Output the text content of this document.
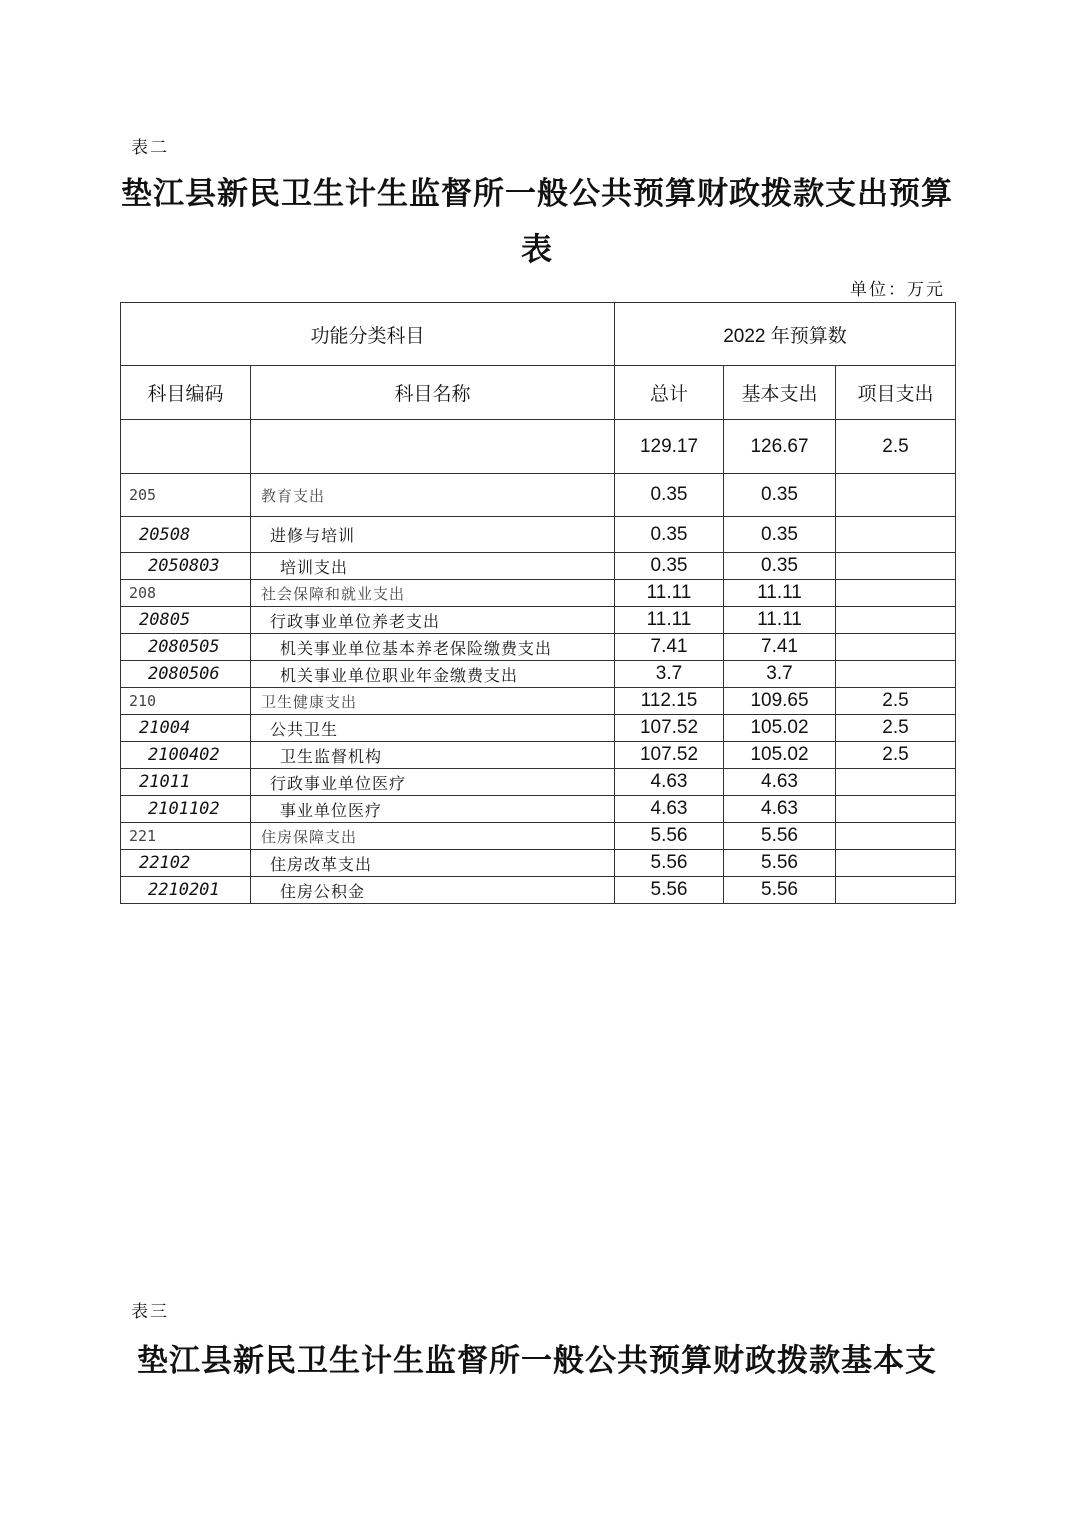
表二
垫江县新民卫生计生监督所一般公共预算财政拨款支出预算
表
单位：万元
功能分类科目		2022 年预算数		
科目编码	科目名称	总计	基本支出	项目支出
		129.17	126.67	2.5
205	教育支出	0.35	0.35	
20508	进修与培训	0.35	0.35	
2050803	培训支出	0.35	0.35	
208	社会保障和就业支出	11.11	11.11	
20805	行政事业单位养老支出	11.11	11.11	
2080505	机关事业单位基本养老保险缴费支出	7.41	7.41	
2080506	机关事业单位职业年金缴费支出	3.7	3.7	
210	卫生健康支出	112.15	109.65	2.5
21004	公共卫生	107.52	105.02	2.5
2100402	卫生监督机构	107.52	105.02	2.5
21011	行政事业单位医疗	4.63	4.63	
2101102	事业单位医疗	4.63	4.63	
221	住房保障支出	5.56	5.56	
22102	住房改革支出	5.56	5.56	
2210201	住房公积金	5.56	5.56	
表三
垫江县新民卫生计生监督所一般公共预算财政拨款基本支
